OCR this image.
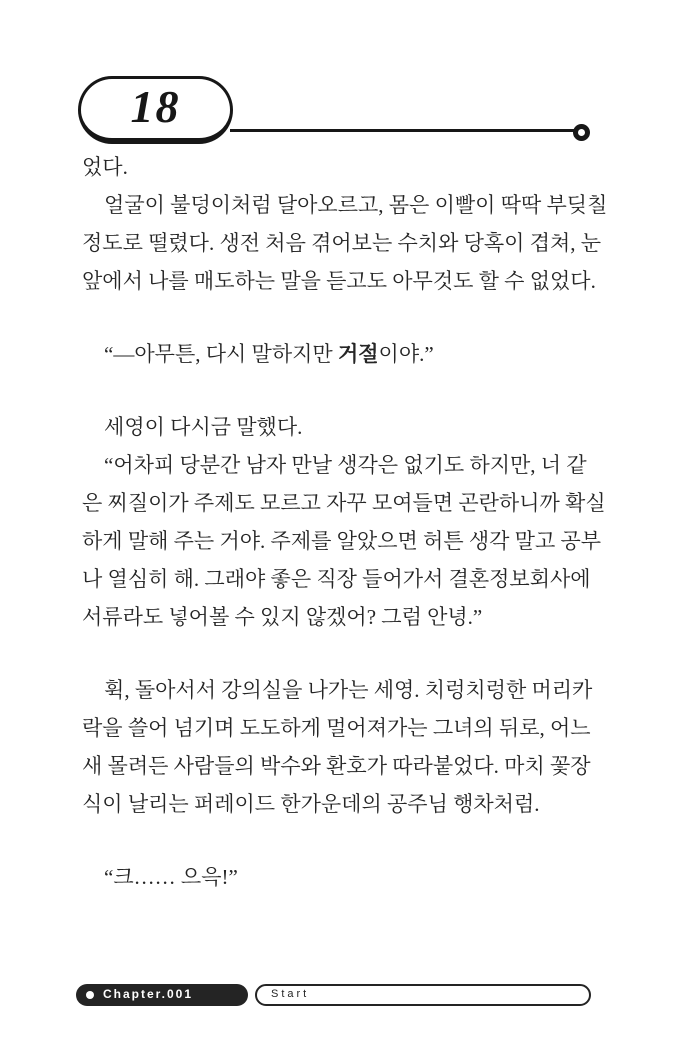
18
었다.
얼굴이 불덩이처럼 달아오르고, 몸은 이빨이 딱딱 부딪칠
정도로 떨렸다. 생전 처음 겪어보는 수치와 당혹이 겹쳐, 눈
앞에서 나를 매도하는 말을 듣고도 아무것도 할 수 없었다.
“—아무튼, 다시 말하지만 거절이야.”
세영이 다시금 말했다.
“어차피 당분간 남자 만날 생각은 없기도 하지만, 너 같
은 찌질이가 주제도 모르고 자꾸 모여들면 곤란하니까 확실
하게 말해 주는 거야. 주제를 알았으면 허튼 생각 말고 공부
나 열심히 해. 그래야 좋은 직장 들어가서 결혼정보회사에
서류라도 넣어볼 수 있지 않겠어? 그럼 안녕.”
휙, 돌아서서 강의실을 나가는 세영. 치렁치렁한 머리카
락을 쓸어 넘기며 도도하게 멀어져가는 그녀의 뒤로, 어느
새 몰려든 사람들의 박수와 환호가 따라붙었다. 마치 꽃장
식이 날리는 퍼레이드 한가운데의 공주님 행차처럼.
“크…… 으윽!”
Chapter.001	Start
